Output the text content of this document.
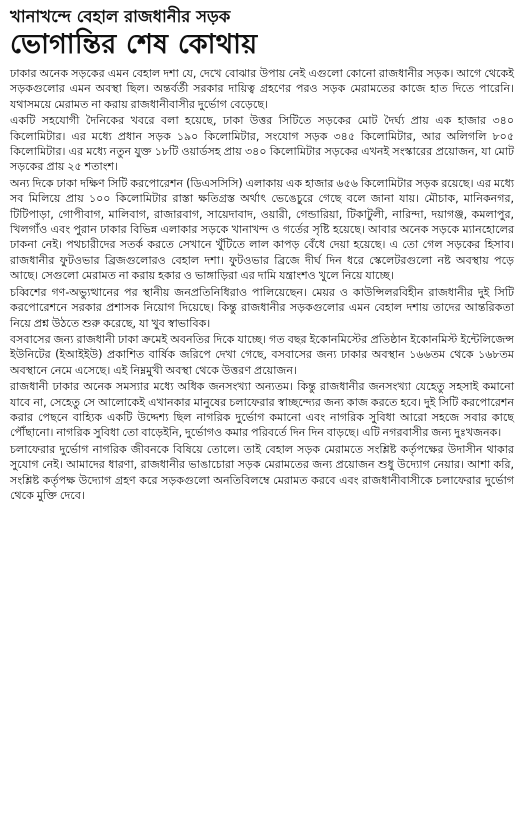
খানাখন্দে বেহাল রাজধানীর সড়ক
ভোগান্তির শেষ কোথায়

ঢাকার অনেক সড়কের এমন বেহাল দশা যে, দেখে বোঝার উপায় নেই এগুলো কোনো রাজধানীর সড়ক। আগে থেকেই সড়কগুলোর এমন অবস্থা ছিল। অন্তর্বর্তী সরকার দায়িত্ব গ্রহণের পরও সড়ক মেরামতের কাজে হাত দিতে পারেনি। যথাসময়ে মেরামত না করায় রাজধানীবাসীর দুর্ভোগ বেড়েছে।

একটি সহযোগী দৈনিকের খবরে বলা হয়েছে, ঢাকা উত্তর সিটিতে সড়কের মোট দৈর্ঘ্য প্রায় এক হাজার ৩৪০ কিলোমিটার। এর মধ্যে প্রধান সড়ক ১৯০ কিলোমিটার, সংযোগ সড়ক ৩৪৫ কিলোমিটার, আর অলিগলি ৮০৫ কিলোমিটার। এর মধ্যে নতুন যুক্ত ১৮টি ওয়ার্ডসহ প্রায় ৩৪০ কিলোমিটার সড়কের এখনই সংস্কারের প্রয়োজন, যা মোট সড়কের প্রায় ২৫ শতাংশ।

অন্য দিকে ঢাকা দক্ষিণ সিটি করপোরেশন (ডিএসসিসি) এলাকায় এক হাজার ৬৫৬ কিলোমিটার সড়ক রয়েছে। এর মধ্যে সব মিলিয়ে প্রায় ১০০ কিলোমিটার রাস্তা ক্ষতিগ্রস্ত অর্থাৎ ভেঙেচুরে গেছে বলে জানা যায়। মৌচাক, মানিকনগর, টিটিপাড়া, গোপীবাগ, মালিবাগ, রাজারবাগ, সায়েদাবাদ, ওয়ারী, গেন্ডারিয়া, টিকাটুলী, নারিন্দা, দয়াগঞ্জ, কমলাপুর, খিলগাঁও এবং পুরান ঢাকার বিভিন্ন এলাকার সড়কে খানাখন্দ ও গর্তের সৃষ্টি হয়েছে। আবার অনেক সড়কে ম্যানহোলের ঢাকনা নেই। পথচারীদের সতর্ক করতে সেখানে খুঁটিতে লাল কাপড় বেঁধে দেয়া হয়েছে। এ তো গেল সড়কের হিসাব। রাজধানীর ফুটওভার ব্রিজগুলোরও বেহাল দশা। ফুটওভার ব্রিজে দীর্ঘ দিন ধরে স্কেলেটরগুলো নষ্ট অবস্থায় পড়ে আছে। সেগুলো মেরামত না করায় হকার ও ভাঙ্গাড়িরা এর দামি যন্ত্রাংশও খুলে নিয়ে যাচ্ছে।

চব্বিশের গণ-অভ্যুত্থানের পর স্থানীয় জনপ্রতিনিধিরাও পালিয়েছেন। মেয়র ও কাউন্সিলরবিহীন রাজধানীর দুই সিটি করপোরেশনে সরকার প্রশাসক নিয়োগ দিয়েছে। কিন্তু রাজধানীর সড়কগুলোর এমন বেহাল দশায় তাদের আন্তরিকতা নিয়ে প্রশ্ন উঠতে শুরু করেছে, যা খুব স্বাভাবিক।

বসবাসের জন্য রাজধানী ঢাকা ক্রমেই অবনতির দিকে যাচ্ছে। গত বছর ইকোনমিস্টের প্রতিষ্ঠান ইকোনমিস্ট ইন্টেলিজেন্স ইউনিটের (ইআইইউ) প্রকাশিত বার্ষিক জরিপে দেখা গেছে, বসবাসের জন্য ঢাকার অবস্থান ১৬৬তম থেকে ১৬৮তম অবস্থানে নেমে এসেছে। এই নিম্নমুখী অবস্থা থেকে উত্তরণ প্রয়োজন।

রাজধানী ঢাকার অনেক সমস্যার মধ্যে অধিক জনসংখ্যা অন্যতম। কিন্তু রাজধানীর জনসংখ্যা যেহেতু সহসাই কমানো যাবে না, সেহেতু সে আলোকেই এখানকার মানুষের চলাফেরার স্বাচ্ছন্দ্যের জন্য কাজ করতে হবে। দুই সিটি করপোরেশন করার পেছনে বাহ্যিক একটি উদ্দেশ্য ছিল নাগরিক দুর্ভোগ কমানো এবং নাগরিক সুবিধা আরো সহজে সবার কাছে পৌঁছানো। নাগরিক সুবিধা তো বাড়েইনি, দুর্ভোগও কমার পরিবর্তে দিন দিন বাড়ছে। এটি নগরবাসীর জন্য দুঃখজনক।

চলাফেরার দুর্ভোগ নাগরিক জীবনকে বিষিয়ে তোলে। তাই বেহাল সড়ক মেরামতে সংশ্লিষ্ট কর্তৃপক্ষের উদাসীন থাকার সুযোগ নেই। আমাদের ধারণা, রাজধানীর ভাঙাচোরা সড়ক মেরামতের জন্য প্রয়োজন শুধু উদ্যোগ নেয়ার। আশা করি, সংশ্লিষ্ট কর্তৃপক্ষ উদ্যোগ গ্রহণ করে সড়কগুলো অনতিবিলম্বে মেরামত করবে এবং রাজধানীবাসীকে চলাফেরার দুর্ভোগ থেকে মুক্তি দেবে।
